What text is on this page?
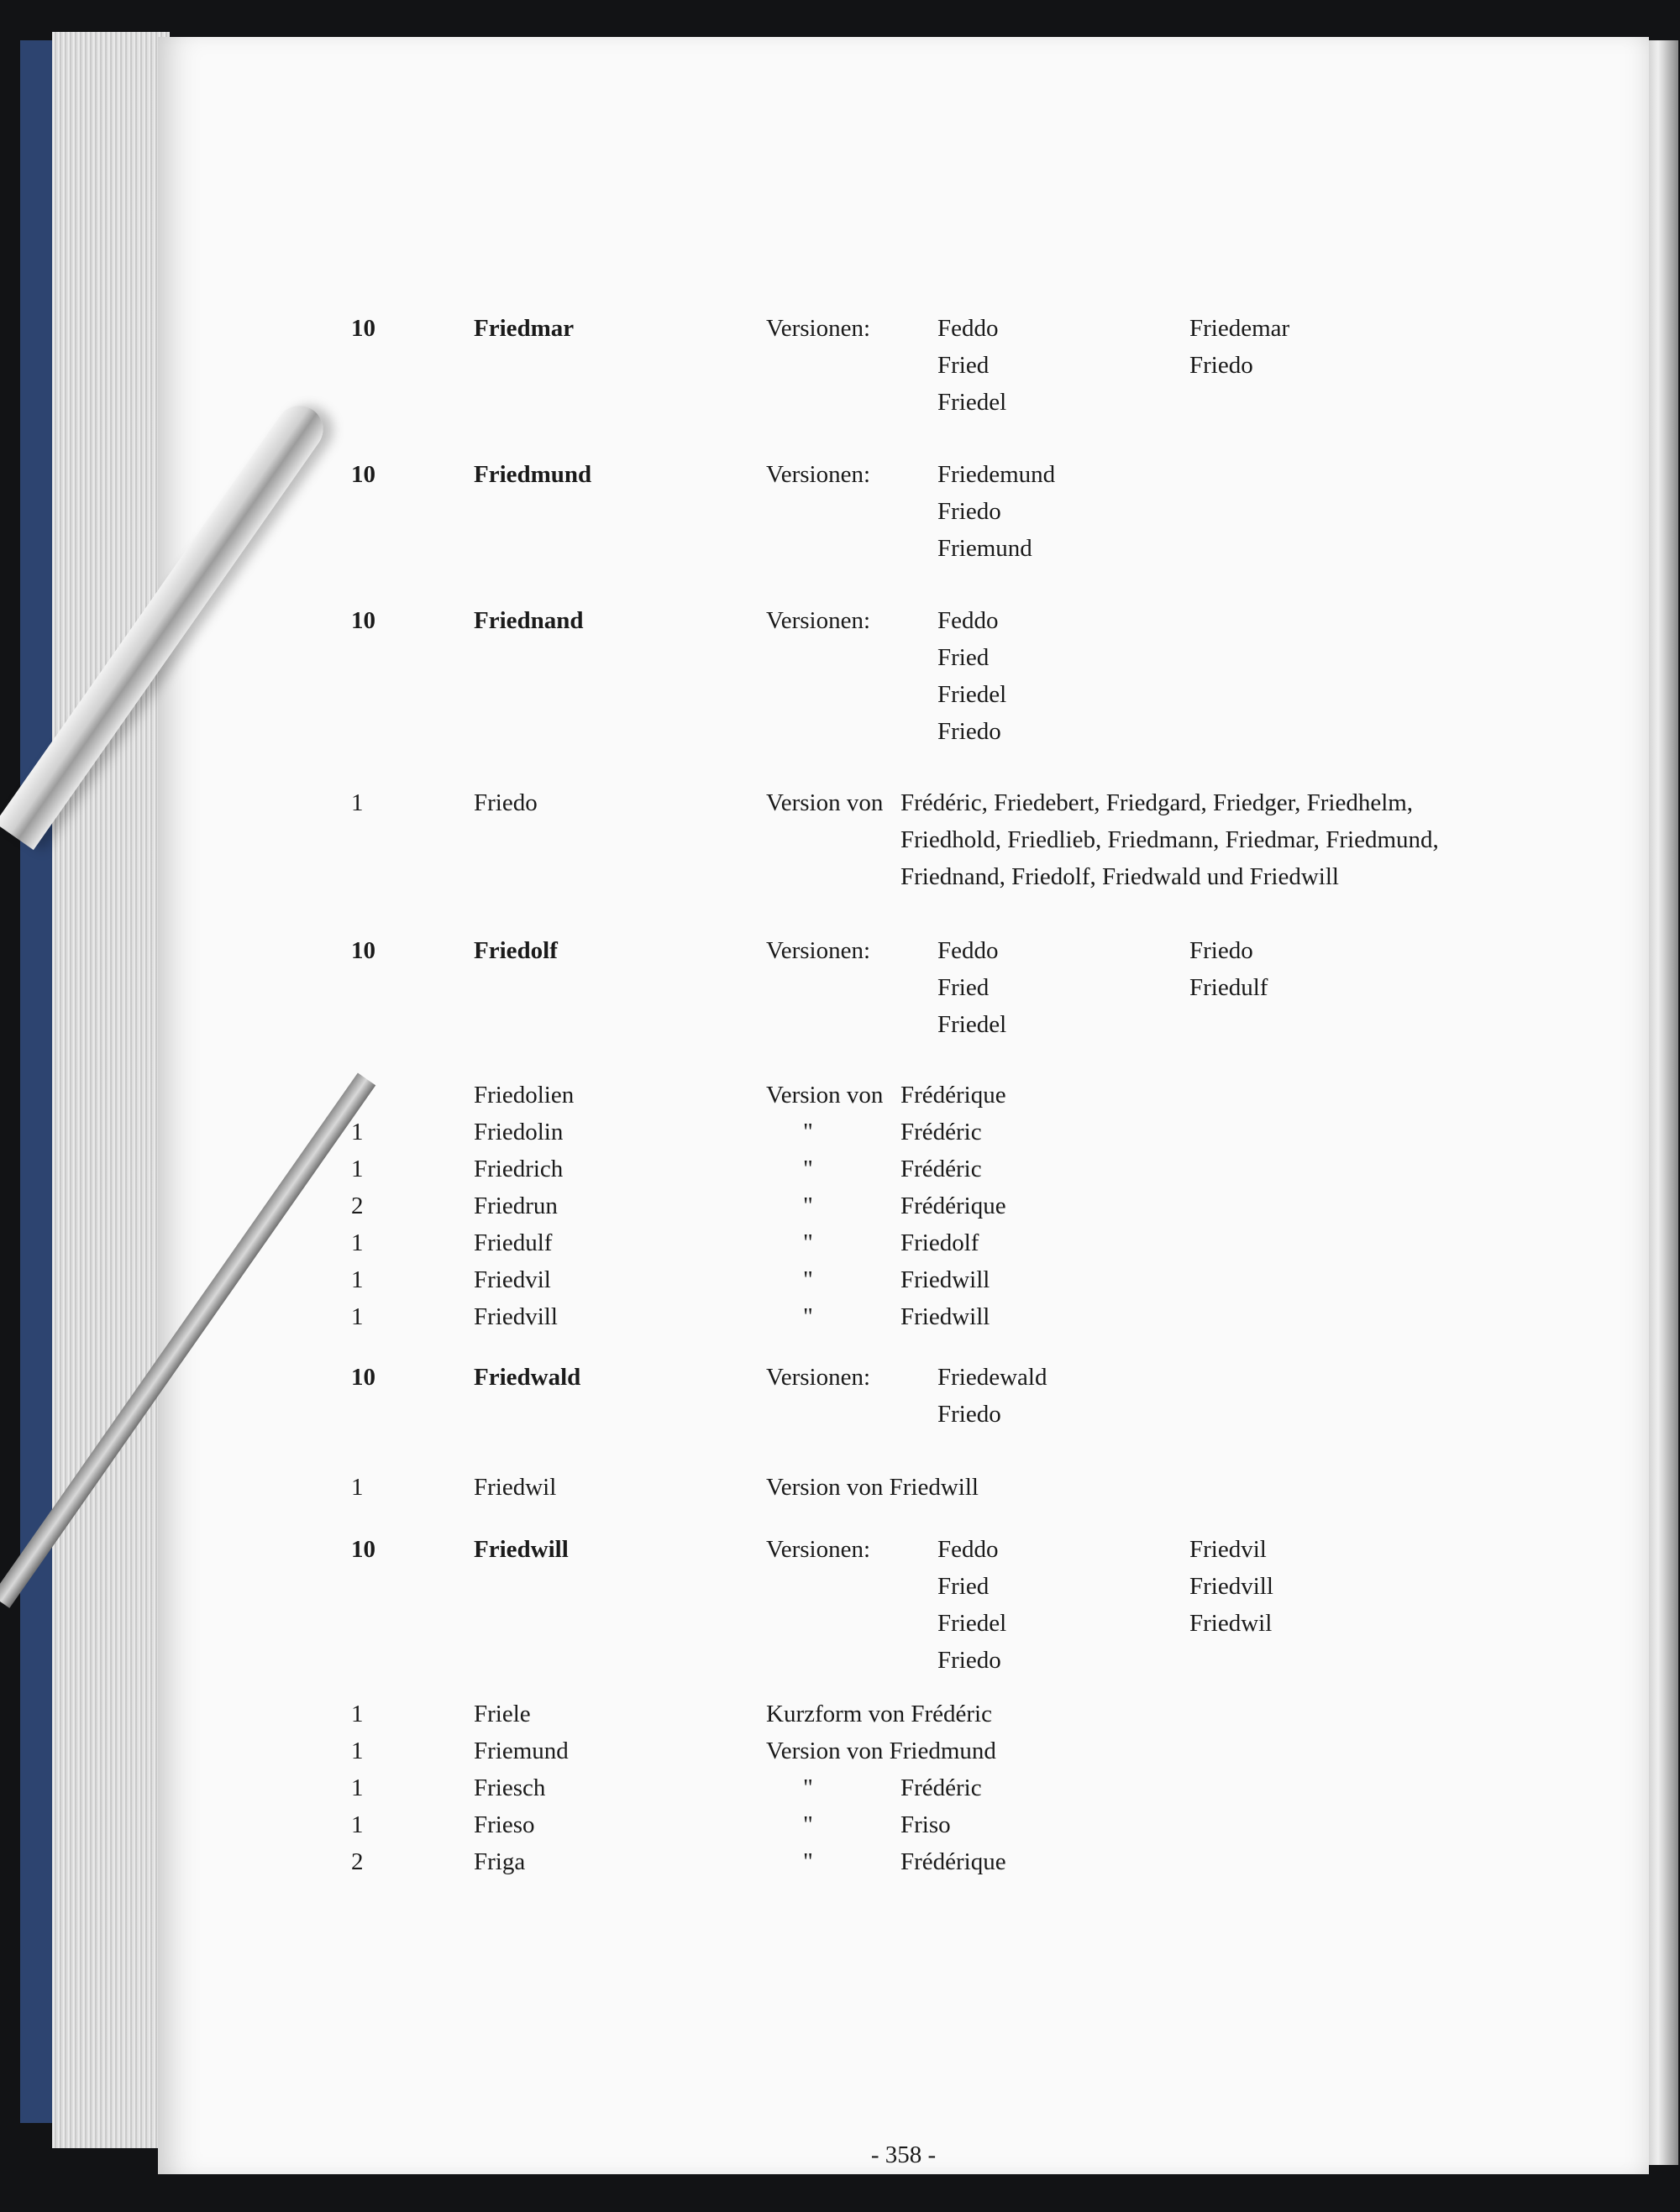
10	Friedmar	Versionen:	Feddo	Friedemar
Fried	Friedo
Friedel
10	Friedmund	Versionen:	Friedemund
Friedo
Friemund
10	Friednand	Versionen:	Feddo
Fried
Friedel
Friedo
1	Friedo	Version von Frédéric, Friedebert, Friedgard, Friedger, Friedhelm,
Friedhold, Friedlieb, Friedmann, Friedmar, Friedmund,
Friednand, Friedolf, Friedwald und Friedwill
10	Friedolf	Versionen:	Feddo	Friedo
Fried	Friedulf
Friedel
Friedolien	Version von Frédérique
1	Friedolin	"	Frédéric
1	Friedrich	"	Frédéric
2	Friedrun	"	Frédérique
1	Friedulf	"	Friedolf
1	Friedvil	"	Friedwill
1	Friedvill	"	Friedwill
10	Friedwald	Versionen:	Friedewald
Friedo
1	Friedwil	Version von Friedwill
10	Friedwill	Versionen:	Feddo	Friedvil
Fried	Friedvill
Friedel	Friedwil
Friedo
1	Friele	Kurzform von Frédéric
1	Friemund	Version von Friedmund
1	Friesch	"	Frédéric
1	Frieso	"	Friso
2	Friga	"	Frédérique
- 358 -
